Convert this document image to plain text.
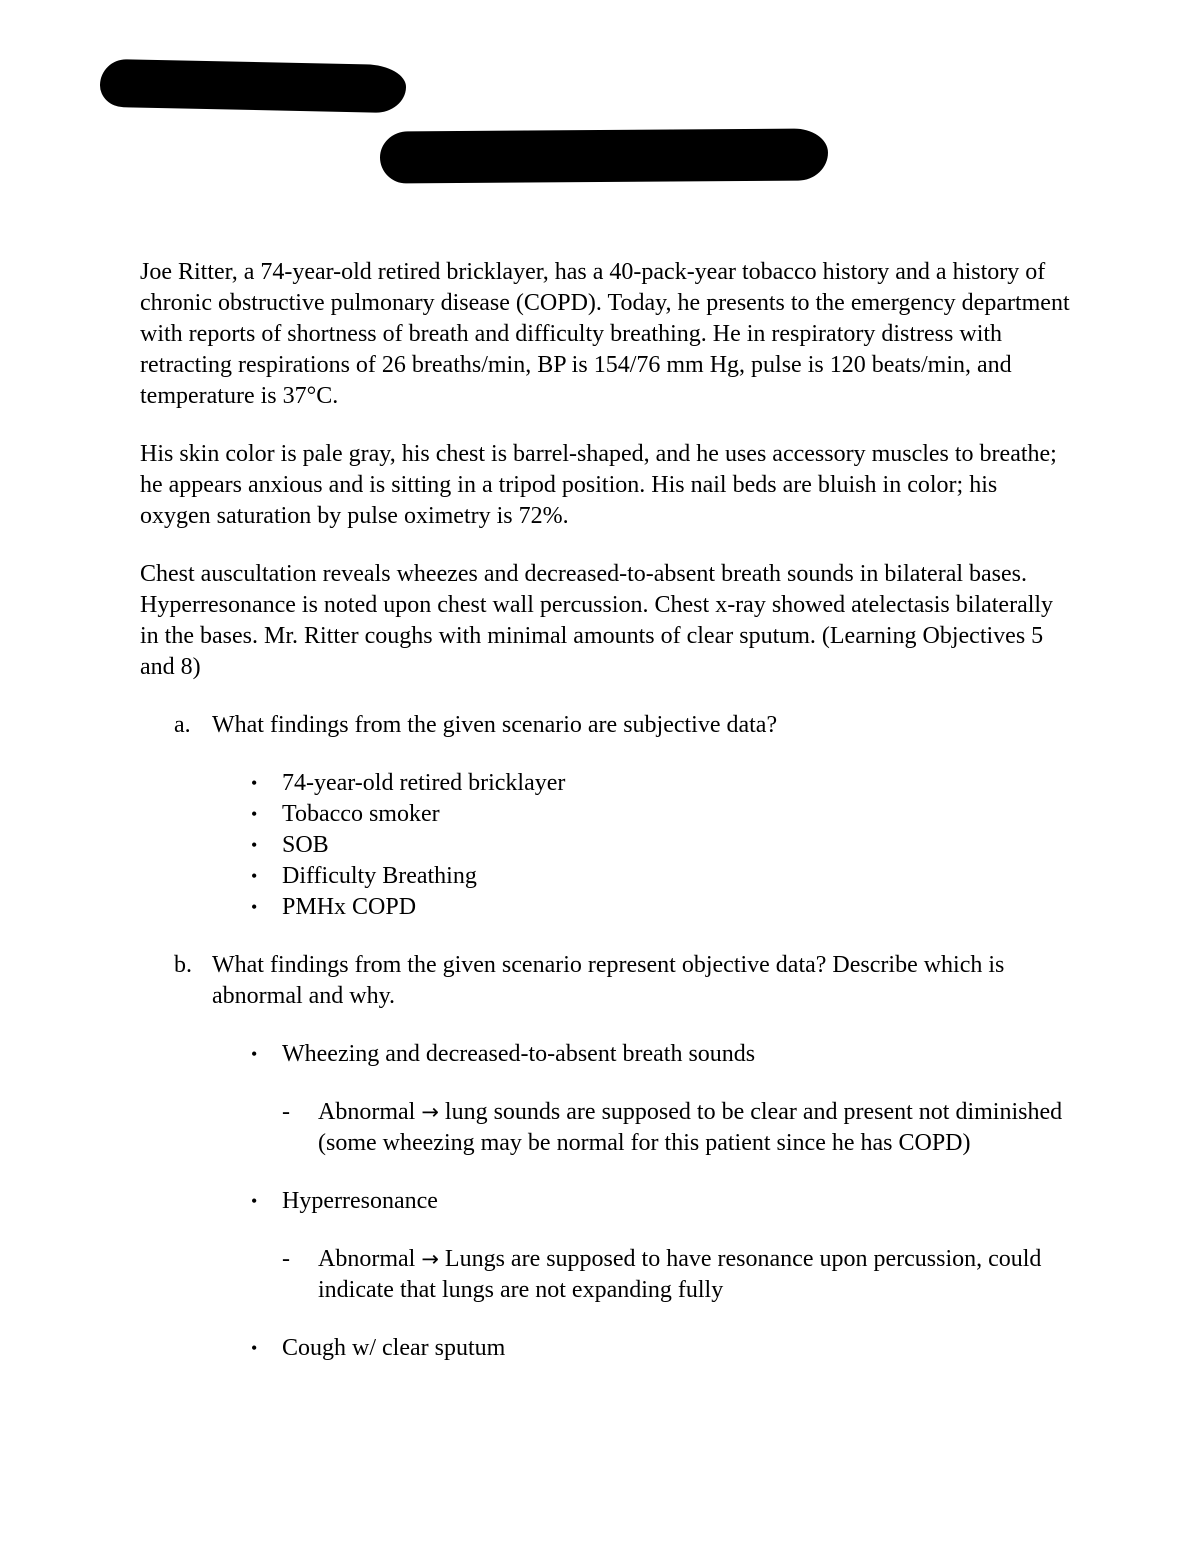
Joe Ritter, a 74-year-old retired bricklayer, has a 40-pack-year tobacco history and a history of chronic obstructive pulmonary disease (COPD). Today, he presents to the emergency department with reports of shortness of breath and difficulty breathing. He in respiratory distress with retracting respirations of 26 breaths/min, BP is 154/76 mm Hg, pulse is 120 beats/min, and temperature is 37°C.

His skin color is pale gray, his chest is barrel-shaped, and he uses accessory muscles to breathe; he appears anxious and is sitting in a tripod position. His nail beds are bluish in color; his oxygen saturation by pulse oximetry is 72%.

Chest auscultation reveals wheezes and decreased-to-absent breath sounds in bilateral bases. Hyperresonance is noted upon chest wall percussion. Chest x-ray showed atelectasis bilaterally in the bases. Mr. Ritter coughs with minimal amounts of clear sputum. (Learning Objectives 5 and 8)

a. What findings from the given scenario are subjective data?
• 74-year-old retired bricklayer
• Tobacco smoker
• SOB
• Difficulty Breathing
• PMHx COPD
b. What findings from the given scenario represent objective data? Describe which is abnormal and why.
• Wheezing and decreased-to-absent breath sounds
- Abnormal → lung sounds are supposed to be clear and present not diminished (some wheezing may be normal for this patient since he has COPD)
• Hyperresonance
- Abnormal → Lungs are supposed to have resonance upon percussion, could indicate that lungs are not expanding fully
• Cough w/ clear sputum
